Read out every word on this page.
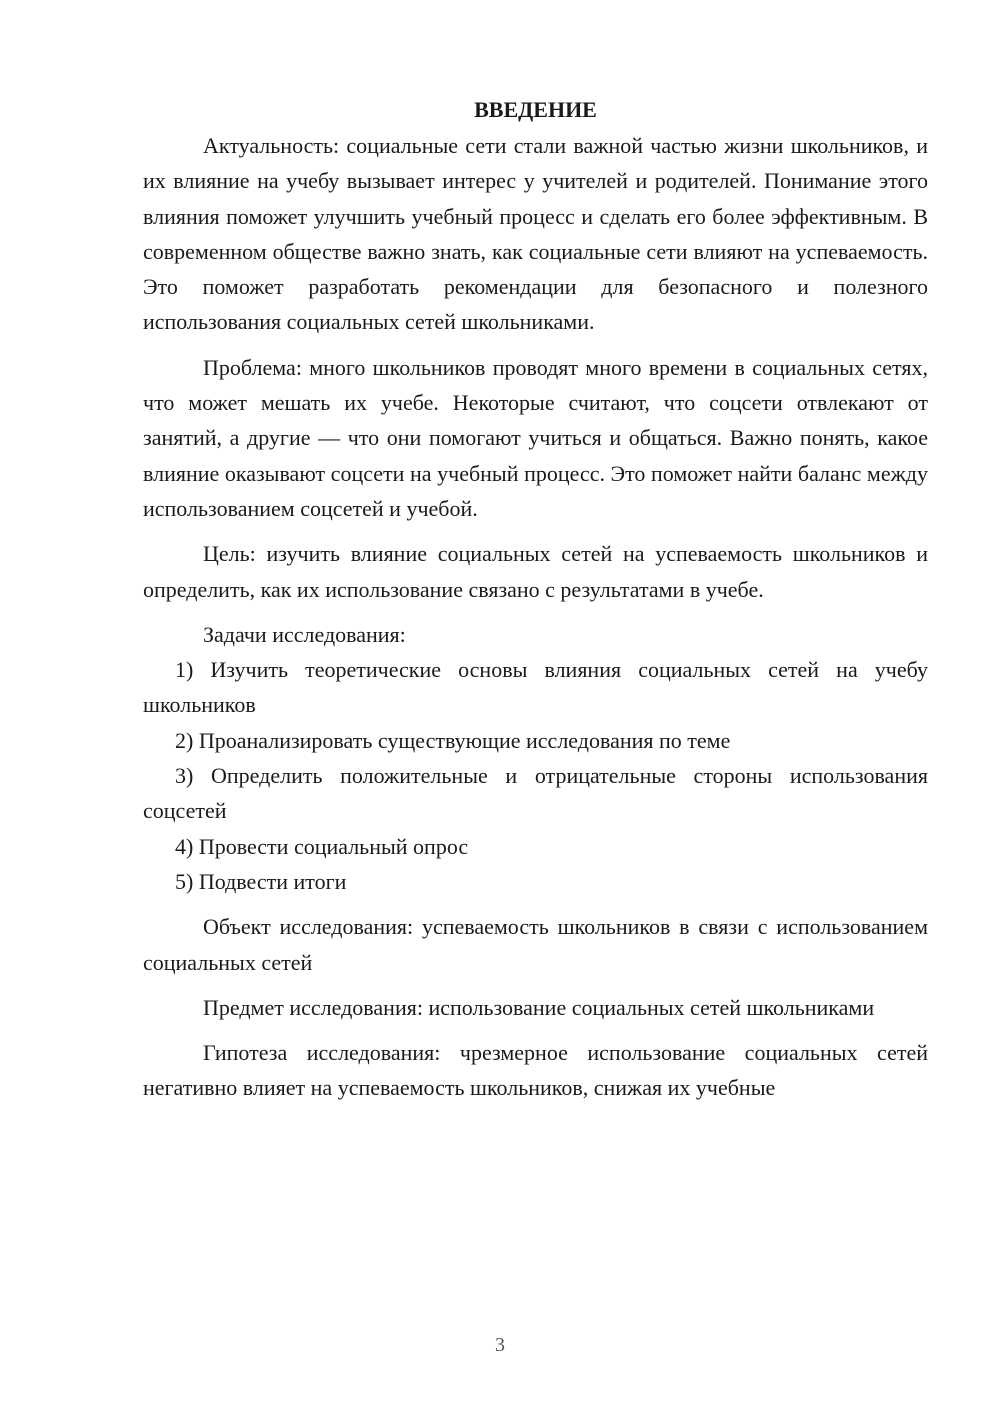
ВВЕДЕНИЕ

Актуальность: социальные сети стали важной частью жизни школьников, и их влияние на учебу вызывает интерес у учителей и родителей. Понимание этого влияния поможет улучшить учебный процесс и сделать его более эффективным. В современном обществе важно знать, как социальные сети влияют на успеваемость. Это поможет разработать рекомендации для безопасного и полезного использования социальных сетей школьниками.

Проблема: много школьников проводят много времени в социальных сетях, что может мешать их учебе. Некоторые считают, что соцсети отвлекают от занятий, а другие — что они помогают учиться и общаться. Важно понять, какое влияние оказывают соцсети на учебный процесс. Это поможет найти баланс между использованием соцсетей и учебой.

Цель: изучить влияние социальных сетей на успеваемость школьников и определить, как их использование связано с результатами в учебе.

Задачи исследования:

1) Изучить теоретические основы влияния социальных сетей на учебу школьников

2) Проанализировать существующие исследования по теме

3) Определить положительные и отрицательные стороны использования соцсетей

4) Провести социальный опрос

5) Подвести итоги

Объект исследования: успеваемость школьников в связи с использованием социальных сетей

Предмет исследования: использование социальных сетей школьниками

Гипотеза исследования: чрезмерное использование социальных сетей негативно влияет на успеваемость школьников, снижая их учебные

3
